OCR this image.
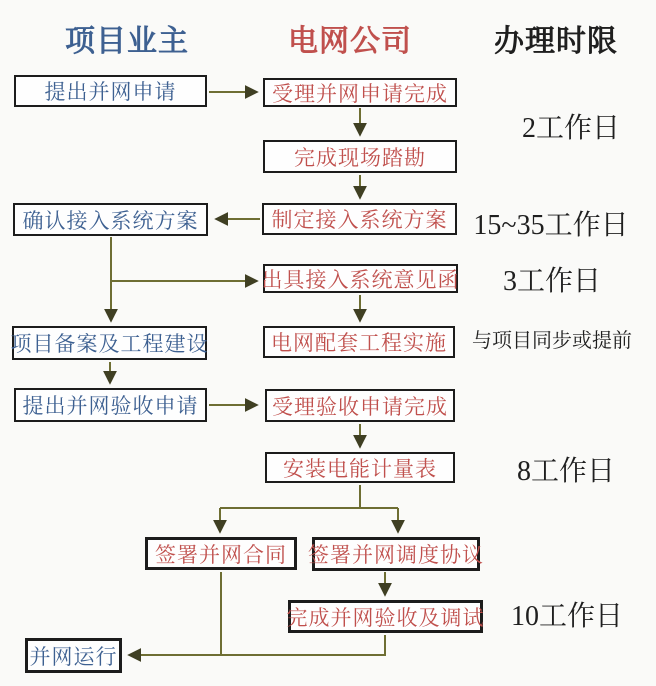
项目业主	电网公司	办理时限
提出并网申请
确认接入系统方案
项目备案及工程建设
提出并网验收申请
并网运行
受理并网申请完成
完成现场踏勘
制定接入系统方案
出具接入系统意见函
电网配套工程实施
受理验收申请完成
安装电能计量表
签署并网合同	签署并网调度协议
完成并网验收及调试
2工作日
15~35工作日
3工作日
与项目同步或提前
8工作日
10工作日
